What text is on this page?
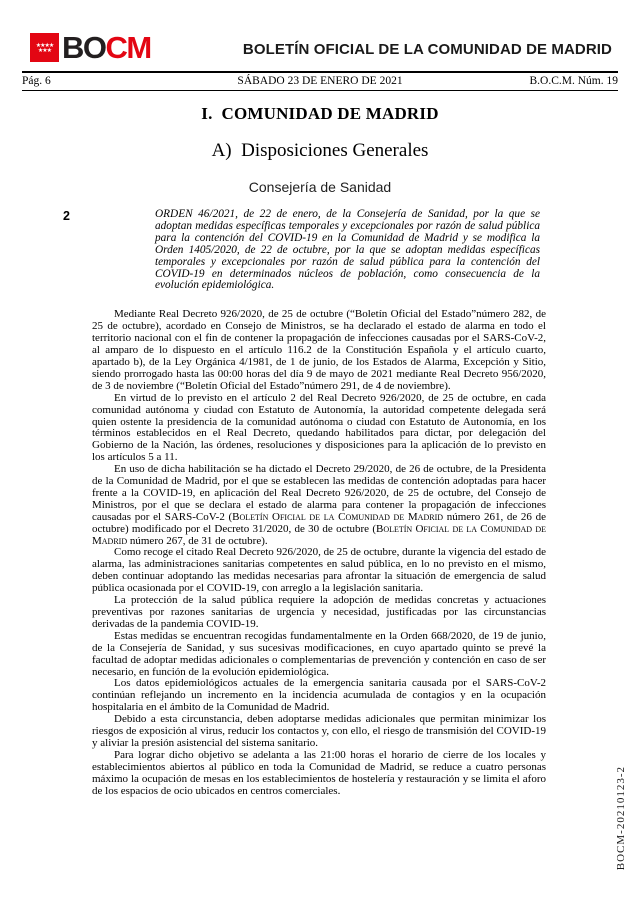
★★★★
★★★ BOCM	BOLETÍN OFICIAL DE LA COMUNIDAD DE MADRID
Pág. 6	SÁBADO 23 DE ENERO DE 2021	B.O.C.M. Núm. 19
I.  COMUNIDAD DE MADRID
A)  Disposiciones Generales
Consejería de Sanidad
2	ORDEN 46/2021, de 22 de enero, de la Consejería de Sanidad, por la que se adoptan medidas específicas temporales y excepcionales por razón de salud pública para la contención del COVID-19 en la Comunidad de Madrid y se modifica la Orden 1405/2020, de 22 de octubre, por la que se adoptan medidas específicas temporales y excepcionales por razón de salud pública para la contención del COVID-19 en determinados núcleos de población, como consecuencia de la evolución epidemiológica.

Mediante Real Decreto 926/2020, de 25 de octubre (“Boletín Oficial del Estado”número 282, de 25 de octubre), acordado en Consejo de Ministros, se ha declarado el estado de alarma en todo el territorio nacional con el fin de contener la propagación de infecciones causadas por el SARS-CoV-2, al amparo de lo dispuesto en el artículo 116.2 de la Constitución Española y el artículo cuarto, apartado b), de la Ley Orgánica 4/1981, de 1 de junio, de los Estados de Alarma, Excepción y Sitio, siendo prorrogado hasta las 00:00 horas del día 9 de mayo de 2021 mediante Real Decreto 956/2020, de 3 de noviembre (“Boletín Oficial del Estado”número 291, de 4 de noviembre).

En virtud de lo previsto en el artículo 2 del Real Decreto 926/2020, de 25 de octubre, en cada comunidad autónoma y ciudad con Estatuto de Autonomía, la autoridad competente delegada será quien ostente la presidencia de la comunidad autónoma o ciudad con Estatuto de Autonomía, en los términos establecidos en el Real Decreto, quedando habilitados para dictar, por delegación del Gobierno de la Nación, las órdenes, resoluciones y disposiciones para la aplicación de lo previsto en los artículos 5 a 11.

En uso de dicha habilitación se ha dictado el Decreto 29/2020, de 26 de octubre, de la Presidenta de la Comunidad de Madrid, por el que se establecen las medidas de contención adoptadas para hacer frente a la COVID-19, en aplicación del Real Decreto 926/2020, de 25 de octubre, del Consejo de Ministros, por el que se declara el estado de alarma para contener la propagación de infecciones causadas por el SARS-CoV-2 (Boletín Oficial de la Comunidad de Madrid número 261, de 26 de octubre) modificado por el Decreto 31/2020, de 30 de octubre (Boletín Oficial de la Comunidad de Madrid número 267, de 31 de octubre).

Como recoge el citado Real Decreto 926/2020, de 25 de octubre, durante la vigencia del estado de alarma, las administraciones sanitarias competentes en salud pública, en lo no previsto en el mismo, deben continuar adoptando las medidas necesarias para afrontar la situación de emergencia de salud pública ocasionada por el COVID-19, con arreglo a la legislación sanitaria.

La protección de la salud pública requiere la adopción de medidas concretas y actuaciones preventivas por razones sanitarias de urgencia y necesidad, justificadas por las circunstancias derivadas de la pandemia COVID-19.

Estas medidas se encuentran recogidas fundamentalmente en la Orden 668/2020, de 19 de junio, de la Consejería de Sanidad, y sus sucesivas modificaciones, en cuyo apartado quinto se prevé la facultad de adoptar medidas adicionales o complementarias de prevención y contención en caso de ser necesario, en función de la evolución epidemiológica.

Los datos epidemiológicos actuales de la emergencia sanitaria causada por el SARS-CoV-2 continúan reflejando un incremento en la incidencia acumulada de contagios y en la ocupación hospitalaria en el ámbito de la Comunidad de Madrid.

Debido a esta circunstancia, deben adoptarse medidas adicionales que permitan minimizar los riesgos de exposición al virus, reducir los contactos y, con ello, el riesgo de transmisión del COVID-19 y aliviar la presión asistencial del sistema sanitario.

Para lograr dicho objetivo se adelanta a las 21:00 horas el horario de cierre de los locales y establecimientos abiertos al público en toda la Comunidad de Madrid, se reduce a cuatro personas máximo la ocupación de mesas en los establecimientos de hostelería y restauración y se limita el aforo de los espacios de ocio ubicados en centros comerciales.	BOCM-20210123-2
